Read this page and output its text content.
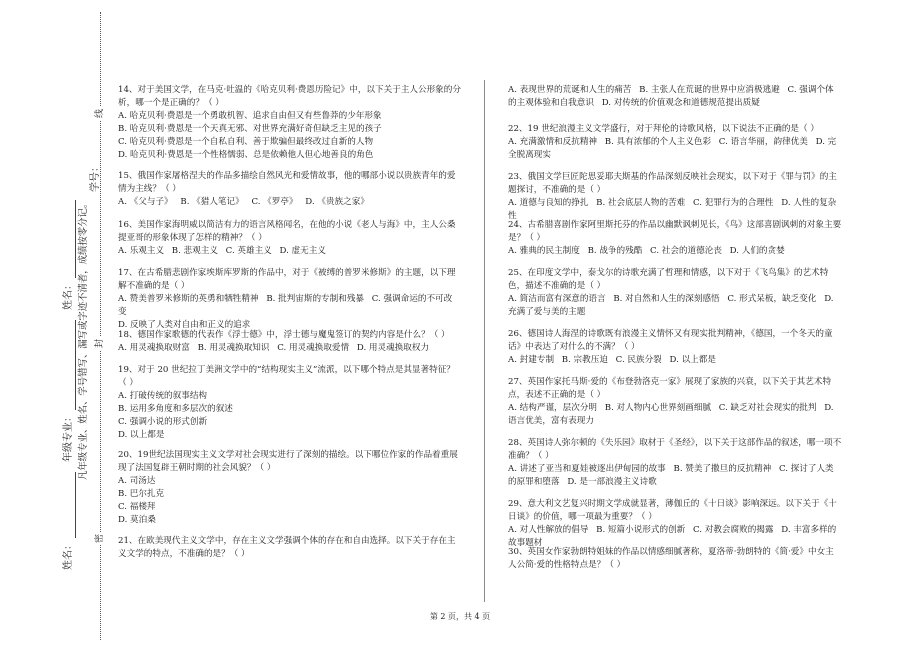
姓名：
年级专业：
姓名： 凡年级专业、姓名、学号错写、漏写或字迹不清者，成绩按零分记。
学号：
密
封
线

14、对于美国文学，在马克·吐温的《哈克贝利·费恩历险记》中，以下关于主人公形象的分析，哪一个是正确的？（ ）

A. 哈克贝利·费恩是一个勇敢机智、追求自由但又有些鲁莽的少年形象

B. 哈克贝利·费恩是一个天真无邪、对世界充满好奇但缺乏主见的孩子

C. 哈克贝利·费恩是一个自私自利、善于欺骗但最终改过自新的人物

D. 哈克贝利·费恩是一个性格懦弱、总是依赖他人但心地善良的角色

15、俄国作家屠格涅夫的作品多描绘自然风光和爱情故事，他的哪部小说以贵族青年的爱情为主线？（ ）

A. 《父与子》 B. 《猎人笔记》 C. 《罗亭》 D. 《贵族之家》

16、美国作家海明威以简洁有力的语言风格闻名，在他的小说《老人与海》中，主人公桑提亚哥的形象体现了怎样的精神？（ ）

A. 乐观主义 B. 悲观主义 C. 英雄主义 D. 虚无主义

17、在古希腊悲剧作家埃斯库罗斯的作品中，对于《被缚的普罗米修斯》的主题，以下理解不准确的是（ ）

A. 赞美普罗米修斯的英勇和牺牲精神 B. 批判宙斯的专制和残暴 C. 强调命运的不可改变

D. 反映了人类对自由和正义的追求

18、德国作家歌德的代表作《浮士德》中，浮士德与魔鬼签订的契约内容是什么？（ ）

A. 用灵魂换取财富 B. 用灵魂换取知识 C. 用灵魂换取爱情 D. 用灵魂换取权力

19、对于 20 世纪拉丁美洲文学中的“结构现实主义”流派，以下哪个特点是其显著特征？（ ）

A. 打破传统的叙事结构

B. 运用多角度和多层次的叙述

C. 强调小说的形式创新

D. 以上都是

20、19世纪法国现实主义文学对社会现实进行了深刻的描绘。以下哪位作家的作品着重展现了法国复辟王朝时期的社会风貌？（ ）

A. 司汤达

B. 巴尔扎克

C. 福楼拜

D. 莫泊桑

21、在欧美现代主义文学中，存在主义文学强调个体的存在和自由选择。以下关于存在主义文学的特点，不准确的是？（ ）

A. 表现世界的荒诞和人生的痛苦 B. 主张人在荒诞的世界中应消极逃避 C. 强调个体的主观体验和自我意识 D. 对传统的价值观念和道德规范提出质疑

22、19 世纪浪漫主义文学盛行，对于拜伦的诗歌风格，以下说法不正确的是（ ）

A. 充满激情和反抗精神 B. 具有浓郁的个人主义色彩 C. 语言华丽，韵律优美 D. 完全脱离现实

23、俄国文学巨匠陀思妥耶夫斯基的作品深刻反映社会现实，以下对于《罪与罚》的主题探讨，不准确的是（ ）

A. 道德与良知的挣扎 B. 社会底层人物的苦难 C. 犯罪行为的合理性 D. 人性的复杂性

24、古希腊喜剧作家阿里斯托芬的作品以幽默讽刺见长，《鸟》这部喜剧讽刺的对象主要是？（ ）

A. 雅典的民主制度 B. 战争的残酷 C. 社会的道德沦丧 D. 人们的贪婪

25、在印度文学中，泰戈尔的诗歌充满了哲理和情感，以下对于《飞鸟集》的艺术特色，描述不准确的是（ ）

A. 简洁而富有深意的语言 B. 对自然和人生的深刻感悟 C. 形式呆板，缺乏变化 D. 充满了爱与美的主题

26、德国诗人海涅的诗歌既有浪漫主义情怀又有现实批判精神，《德国，一个冬天的童话》中表达了对什么的不满？（ ）

A. 封建专制 B. 宗教压迫 C. 民族分裂 D. 以上都是

27、英国作家托马斯·爱的《布登勃洛克一家》展现了家族的兴衰，以下关于其艺术特点，表述不正确的是（ ）

A. 结构严谨，层次分明 B. 对人物内心世界刻画细腻 C. 缺乏对社会现实的批判 D. 语言优美，富有表现力

28、英国诗人弥尔顿的《失乐园》取材于《圣经》，以下关于这部作品的叙述，哪一项不准确？（ ）

A. 讲述了亚当和夏娃被逐出伊甸园的故事 B. 赞美了撒旦的反抗精神 C. 探讨了人类的原罪和堕落 D. 是一部浪漫主义诗歌

29、意大利文艺复兴时期文学成就显著，薄伽丘的《十日谈》影响深远。以下关于《十日谈》的价值，哪一项最为重要？（ ）

A. 对人性解放的倡导 B. 短篇小说形式的创新 C. 对教会腐败的揭露 D. 丰富多样的故事题材

30、英国女作家勃朗特姐妹的作品以情感细腻著称，夏洛蒂·勃朗特的《简·爱》中女主人公简·爱的性格特点是？（ ）

第 2 页，共 4 页
